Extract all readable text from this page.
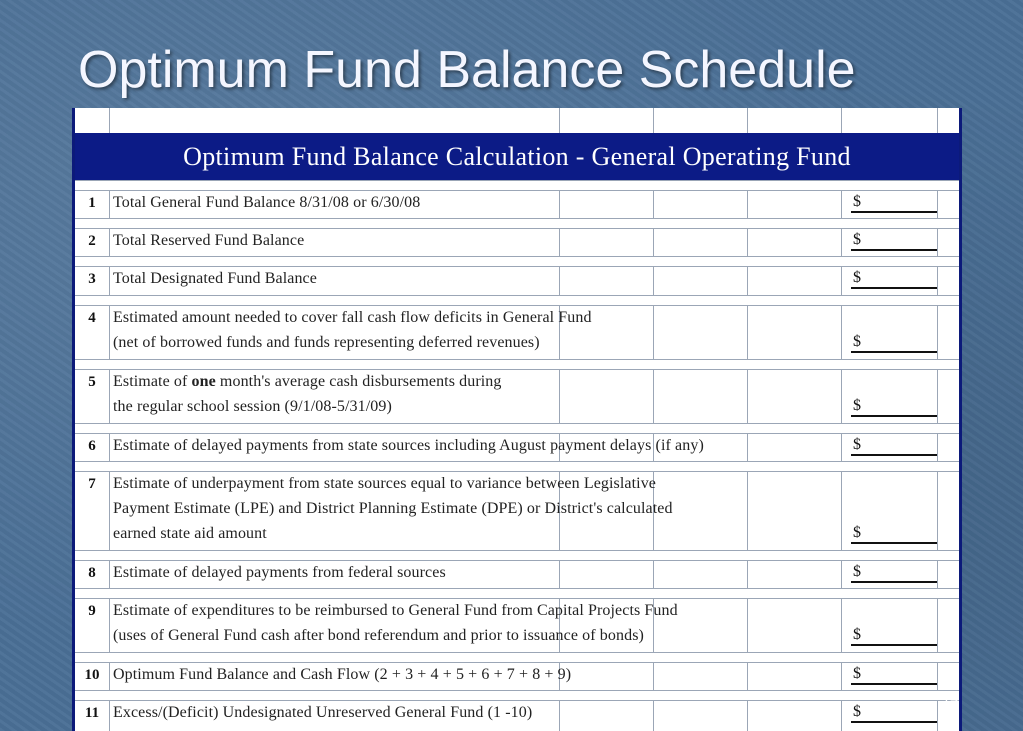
Optimum Fund Balance Schedule
Optimum Fund Balance Calculation - General Operating Fund
1	Total General Fund Balance 8/31/08 or 6/30/08	$
2	Total Reserved Fund Balance	$
3	Total Designated Fund Balance	$
4	Estimated amount needed to cover fall cash flow deficits in General Fund
(net of borrowed funds and funds representing deferred revenues)	$
5	Estimate of one month's average cash disbursements during
the regular school session (9/1/08-5/31/09)	$
6	Estimate of delayed payments from state sources including August payment delays (if any)	$
7	Estimate of underpayment from state sources equal to variance between Legislative
Payment Estimate (LPE) and District Planning Estimate (DPE) or District's calculated
earned state aid amount	$
8	Estimate of delayed payments from federal sources	$
9	Estimate of expenditures to be reimbursed to General Fund from Capital Projects Fund
(uses of General Fund cash after bond referendum and prior to issuance of bonds)	$
10 Optimum Fund Balance and Cash Flow (2 + 3 + 4 + 5 + 6 + 7 + 8 + 9)	$
11 Excess/(Deficit) Undesignated Unreserved General Fund (1 -10)	$
14
